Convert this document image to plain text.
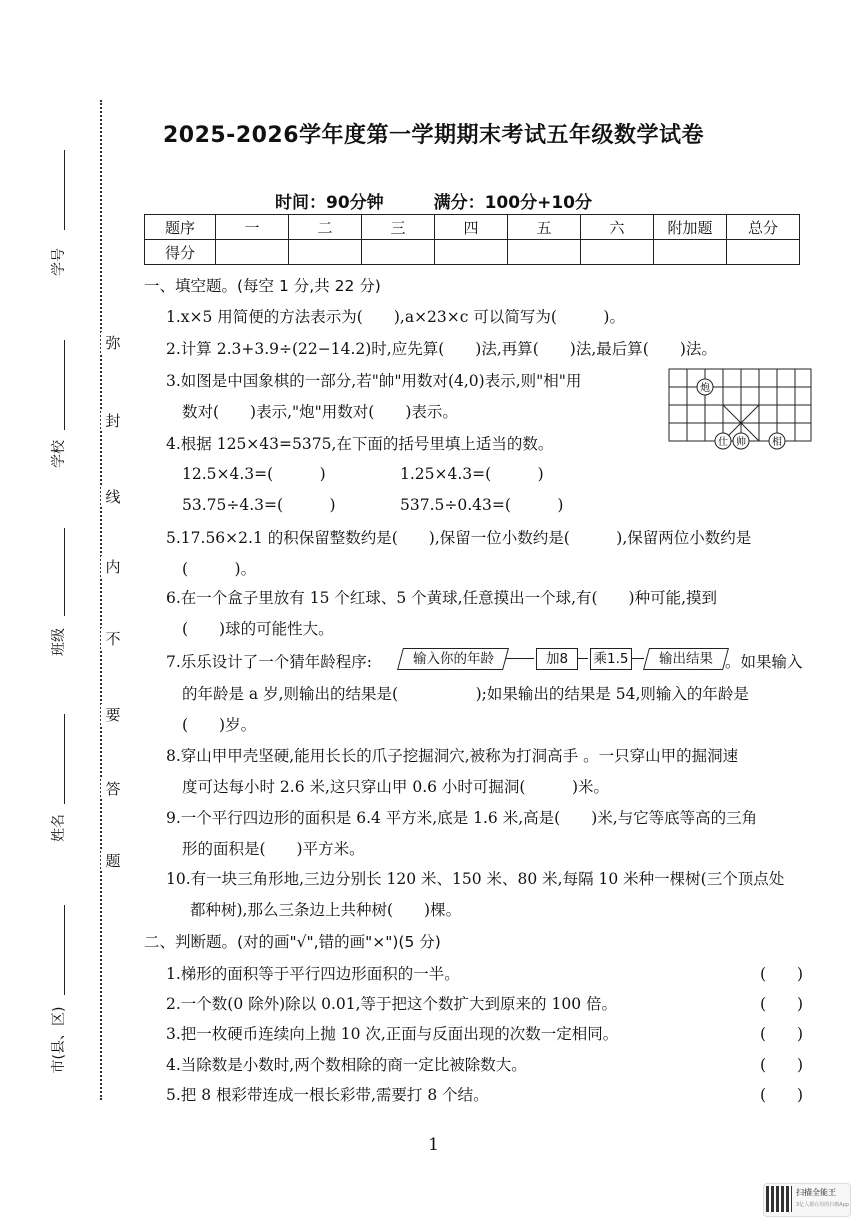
弥
封
线
内
不
要
答
题
学号
学校
班级
姓名
市(县、区)
2025-2026学年度第一学期期末考试五年级数学试卷
时间：90分钟	满分：100分+10分
题序	一	二	三	四	五	六	附加题	总分
得分								
一、填空题。(每空 1 分,共 22 分)
1.x×5 用简便的方法表示为(　　),a×23×c 可以简写为(　　　)。
2.计算 2.3+3.9÷(22−14.2)时,应先算(　　)法,再算(　　)法,最后算(　　)法。
3.如图是中国象棋的一部分,若"帥"用数对(4,0)表示,则"相"用
数对(　　)表示,"炮"用数对(　　)表示。
炮
仕 帅	相
4.根据 125×43=5375,在下面的括号里填上适当的数。
12.5×4.3=(　　　)	1.25×4.3=(　　　)
53.75÷4.3=(　　　)	537.5÷0.43=(　　　)
5.17.56×2.1 的积保留整数约是(　　),保留一位小数约是(　　　),保留两位小数约是
(　　　)。
6.在一个盒子里放有 15 个红球、5 个黄球,任意摸出一个球,有(　　)种可能,摸到
(　　)球的可能性大。
7.乐乐设计了一个猜年龄程序:	输入你的年龄	加8	乘1.5	输出结果 。如果输入
的年龄是 a 岁,则输出的结果是(　　　　　);如果输出的结果是 54,则输入的年龄是
(　　)岁。
8.穿山甲甲壳坚硬,能用长长的爪子挖掘洞穴,被称为打洞高手 。一只穿山甲的掘洞速
度可达每小时 2.6 米,这只穿山甲 0.6 小时可掘洞(　　　)米。
9.一个平行四边形的面积是 6.4 平方米,底是 1.6 米,高是(　　)米,与它等底等高的三角
形的面积是(　　)平方米。
10.有一块三角形地,三边分别长 120 米、150 米、80 米,每隔 10 米种一棵树(三个顶点处
都种树),那么三条边上共种树(　　)棵。
二、判断题。(对的画"√",错的画"×")(5 分)
1.梯形的面积等于平行四边形面积的一半。	(　　)
2.一个数(0 除外)除以 0.01,等于把这个数扩大到原来的 100 倍。	(　　)
3.把一枚硬币连续向上抛 10 次,正面与反面出现的次数一定相同。	(　　)
4.当除数是小数时,两个数相除的商一定比被除数大。	(　　)
5.把 8 根彩带连成一根长彩带,需要打 8 个结。	(　　)
1
扫描全能王
3亿人都在用的扫描App
